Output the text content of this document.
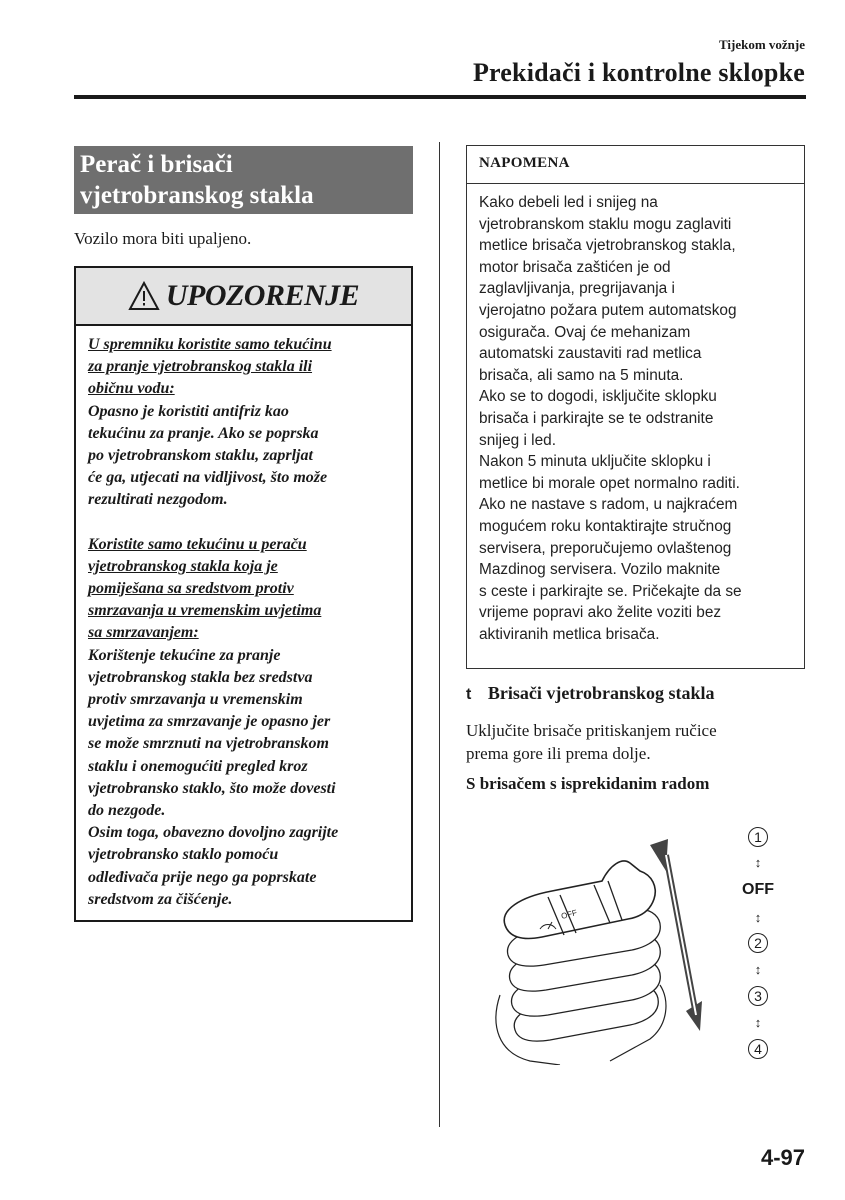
Tijekom vožnje
Prekidači i kontrolne sklopke
Perač i brisači
vjetrobranskog stakla
Vozilo mora biti upaljeno.
UPOZORENJE

U spremniku koristite samo tekućinu

za pranje vjetrobranskog stakla ili

običnu vodu:

Opasno je koristiti antifriz kao

tekućinu za pranje. Ako se poprska

po vjetrobranskom staklu, zaprljat

će ga, utjecati na vidljivost, što može

rezultirati nezgodom.

Koristite samo tekućinu u peraču

vjetrobranskog stakla koja je

pomiješana sa sredstvom protiv

smrzavanja u vremenskim uvjetima

sa smrzavanjem:

Korištenje tekućine za pranje

vjetrobranskog stakla bez sredstva

protiv smrzavanja u vremenskim

uvjetima za smrzavanje je opasno jer

se može smrznuti na vjetrobranskom

staklu i onemogućiti pregled kroz

vjetrobransko staklo, što može dovesti

do nezgode.

Osim toga, obavezno dovoljno zagrijte

vjetrobransko staklo pomoću

odleđivača prije nego ga poprskate

sredstvom za čišćenje.

NAPOMENA
Kako debeli led i snijeg na
vjetrobranskom staklu mogu zaglaviti
metlice brisača vjetrobranskog stakla,
motor brisača zaštićen je od
zaglavljivanja, pregrijavanja i
vjerojatno požara putem automatskog
osigurača. Ovaj će mehanizam
automatski zaustaviti rad metlica
brisača, ali samo na 5 minuta.
Ako se to dogodi, isključite sklopku
brisača i parkirajte se te odstranite
snijeg i led.
Nakon 5 minuta uključite sklopku i
metlice bi morale opet normalno raditi.
Ako ne nastave s radom, u najkraćem
mogućem roku kontaktirajte stručnog
servisera, preporučujemo ovlaštenog
Mazdinog servisera. Vozilo maknite
s ceste i parkirajte se. Pričekajte da se
vrijeme popravi ako želite voziti bez
aktiviranih metlica brisača.
t Brisači vjetrobranskog stakla
Uključite brisače pritiskanjem ručice
prema gore ili prema dolje.
S brisačem s isprekidanim radom
OFF
1
↕
OFF
↕
2
↕
3
↕
4
4-97
